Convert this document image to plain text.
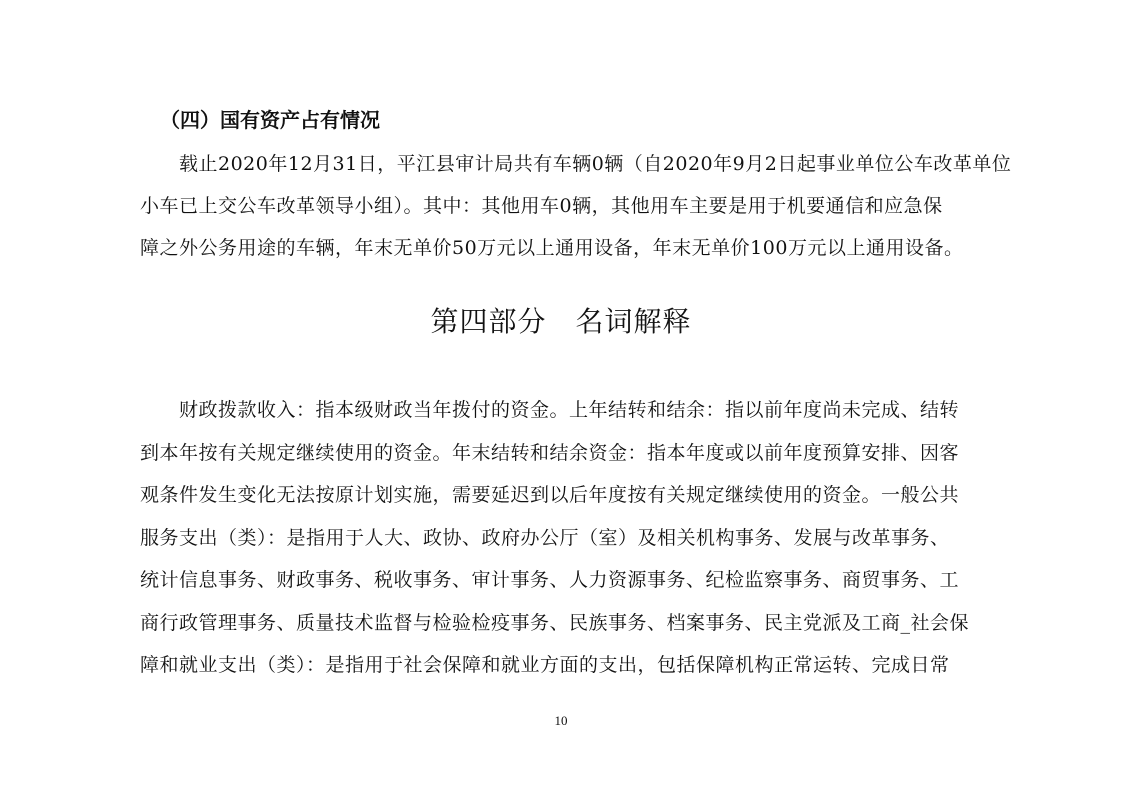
（四）国有资产占有情况
　　载止2020年12月31日，平江县审计局共有车辆0辆（自2020年9月2日起事业单位公车改革单位
小车已上交公车改革领导小组）。其中：其他用车0辆，其他用车主要是用于机要通信和应急保
障之外公务用途的车辆，年末无单价50万元以上通用设备，年末无单价100万元以上通用设备。
第四部分　名词解释
　　财政拨款收入：指本级财政当年拨付的资金。上年结转和结余：指以前年度尚未完成、结转
到本年按有关规定继续使用的资金。年末结转和结余资金：指本年度或以前年度预算安排、因客
观条件发生变化无法按原计划实施，需要延迟到以后年度按有关规定继续使用的资金。一般公共
服务支出（类）：是指用于人大、政协、政府办公厅（室）及相关机构事务、发展与改革事务、
统计信息事务、财政事务、税收事务、审计事务、人力资源事务、纪检监察事务、商贸事务、工
商行政管理事务、质量技术监督与检验检疫事务、民族事务、档案事务、民主党派及工商_社会保
障和就业支出（类）：是指用于社会保障和就业方面的支出，包括保障机构正常运转、完成日常
10
